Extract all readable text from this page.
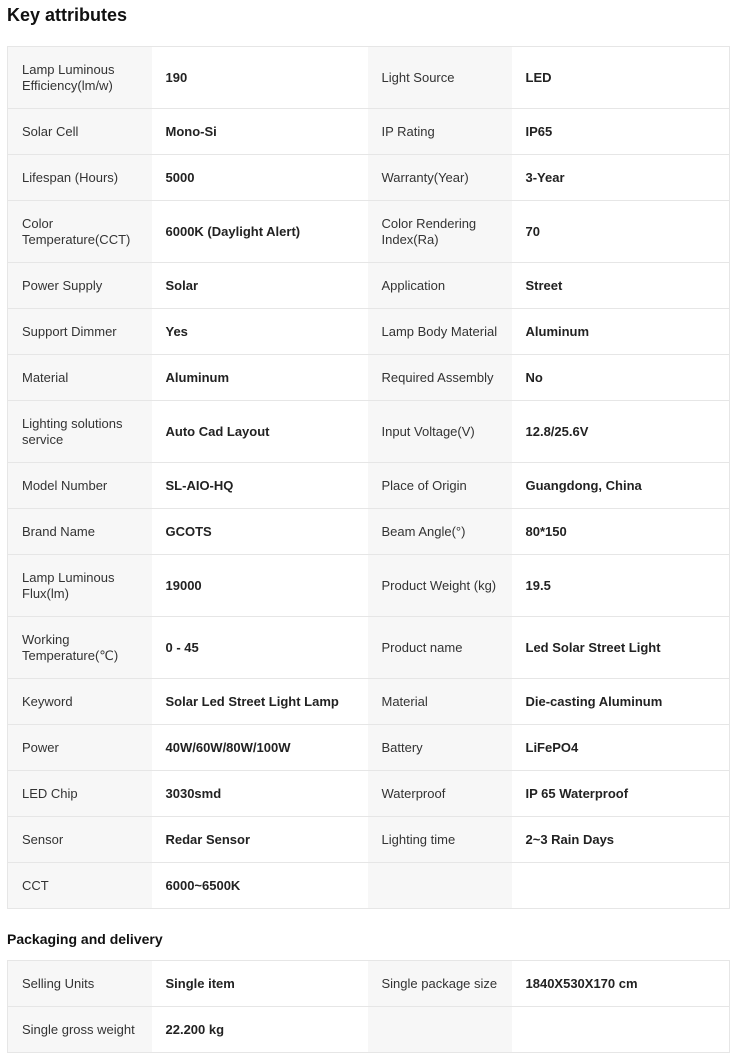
Key attributes
Lamp Luminous Efficiency(lm/w)	190	Light Source	LED
Solar Cell	Mono-Si	IP Rating	IP65
Lifespan (Hours)	5000	Warranty(Year)	3-Year
Color Temperature(CCT)	6000K (Daylight Alert)	Color Rendering Index(Ra)	70
Power Supply	Solar	Application	Street
Support Dimmer	Yes	Lamp Body Material	Aluminum
Material	Aluminum	Required Assembly	No
Lighting solutions service	Auto Cad Layout	Input Voltage(V)	12.8/25.6V
Model Number	SL-AIO-HQ	Place of Origin	Guangdong, China
Brand Name	GCOTS	Beam Angle(°)	80*150
Lamp Luminous Flux(lm)	19000	Product Weight (kg)	19.5
Working Temperature(℃)	0 - 45	Product name	Led Solar Street Light
Keyword	Solar Led Street Light Lamp	Material	Die-casting Aluminum
Power	40W/60W/80W/100W	Battery	LiFePO4
LED Chip	3030smd	Waterproof	IP 65 Waterproof
Sensor	Redar Sensor	Lighting time	2~3 Rain Days
CCT	6000~6500K		
Packaging and delivery
Selling Units	Single item	Single package size	1840X530X170 cm
Single gross weight	22.200 kg		
